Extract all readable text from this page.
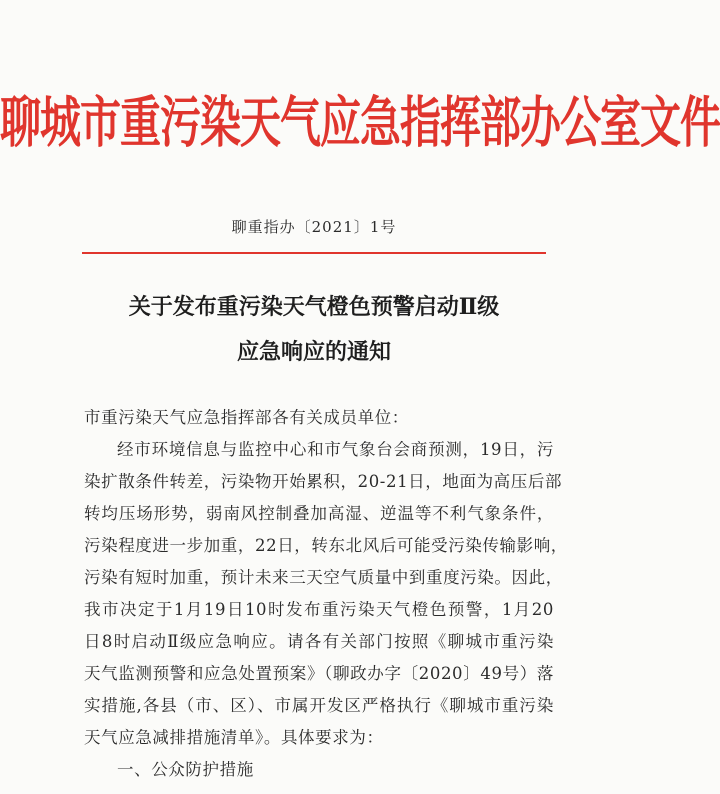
聊城市重污染天气应急指挥部办公室文件
聊重指办〔2021〕1号
关于发布重污染天气橙色预警启动Ⅱ级
应急响应的通知
市重污染天气应急指挥部各有关成员单位：
经市环境信息与监控中心和市气象台会商预测，19日，污
染扩散条件转差，污染物开始累积，20-21日，地面为高压后部
转均压场形势，弱南风控制叠加高湿、逆温等不利气象条件，
污染程度进一步加重，22日，转东北风后可能受污染传输影响，
污染有短时加重，预计未来三天空气质量中到重度污染。因此，
我市决定于1月19日10时发布重污染天气橙色预警，1月20
日8时启动Ⅱ级应急响应。请各有关部门按照《聊城市重污染
天气监测预警和应急处置预案》（聊政办字〔2020〕49号）落
实措施,各县（市、区）、市属开发区严格执行《聊城市重污染
天气应急减排措施清单》。具体要求为：
一、公众防护措施
